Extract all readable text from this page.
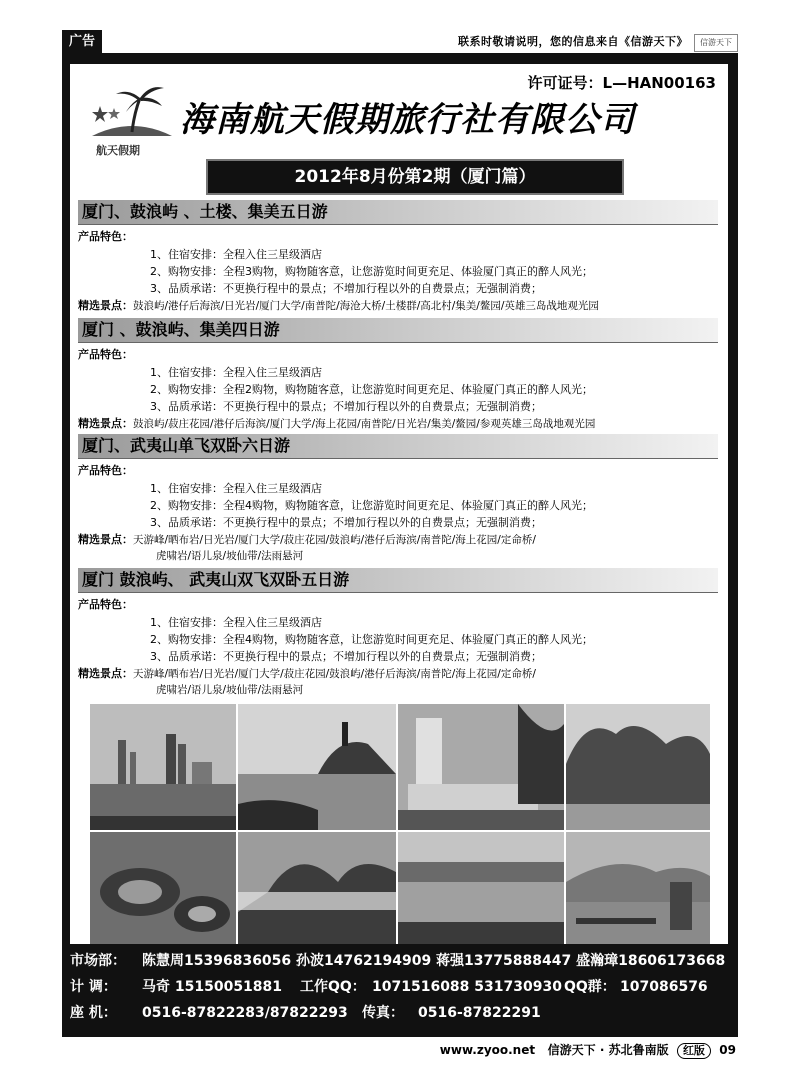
广告	联系时敬请说明，您的信息来自《信游天下》	信游天下
许可证号：L—HAN00163
航天假期
海南航天假期旅行社有限公司
2012年8月份第2期（厦门篇）
厦门、鼓浪屿 、土楼、集美五日游
产品特色：
1、住宿安排：全程入住三星级酒店
2、购物安排：全程3购物，购物随客意，让您游览时间更充足、体验厦门真正的醉人风光；
3、品质承诺：不更换行程中的景点；不增加行程以外的自费景点；无强制消费；
精选景点：鼓浪屿/港仔后海滨/日光岩/厦门大学/南普陀/海沧大桥/土楼群/高北村/集美/鳌园/英雄三岛战地观光园
厦门 、鼓浪屿、集美四日游
产品特色：
1、住宿安排：全程入住三星级酒店
2、购物安排：全程2购物，购物随客意，让您游览时间更充足、体验厦门真正的醉人风光；
3、品质承诺：不更换行程中的景点；不增加行程以外的自费景点；无强制消费；
精选景点：鼓浪屿/菽庄花园/港仔后海滨/厦门大学/海上花园/南普陀/日光岩/集美/鳌园/参观英雄三岛战地观光园
厦门、武夷山单飞双卧六日游
产品特色：
1、住宿安排：全程入住三星级酒店
2、购物安排：全程4购物，购物随客意，让您游览时间更充足、体验厦门真正的醉人风光；
3、品质承诺：不更换行程中的景点；不增加行程以外的自费景点；无强制消费；
精选景点：天游峰/晒布岩/日光岩/厦门大学/菽庄花园/鼓浪屿/港仔后海滨/南普陀/海上花园/定命桥/
虎啸岩/语儿泉/坡仙带/法雨悬河
厦门 鼓浪屿、 武夷山双飞双卧五日游
产品特色：
1、住宿安排：全程入住三星级酒店
2、购物安排：全程4购物，购物随客意，让您游览时间更充足、体验厦门真正的醉人风光；
3、品质承诺：不更换行程中的景点；不增加行程以外的自费景点；无强制消费；
精选景点：天游峰/晒布岩/日光岩/厦门大学/菽庄花园/鼓浪屿/港仔后海滨/南普陀/海上花园/定命桥/
虎啸岩/语儿泉/坡仙带/法雨悬河
市场部： 陈慧周15396836056 孙波14762194909 蒋强13775888447 盛瀚璋18606173668
计 调： 马奇 15150051881 工作QQ： 1071516088 531730930 QQ群： 107086576
座 机： 0516-87822283/87822293 传真： 0516-87822291
www.zyoo.net 信游天下 · 苏北鲁南版 红版 09
